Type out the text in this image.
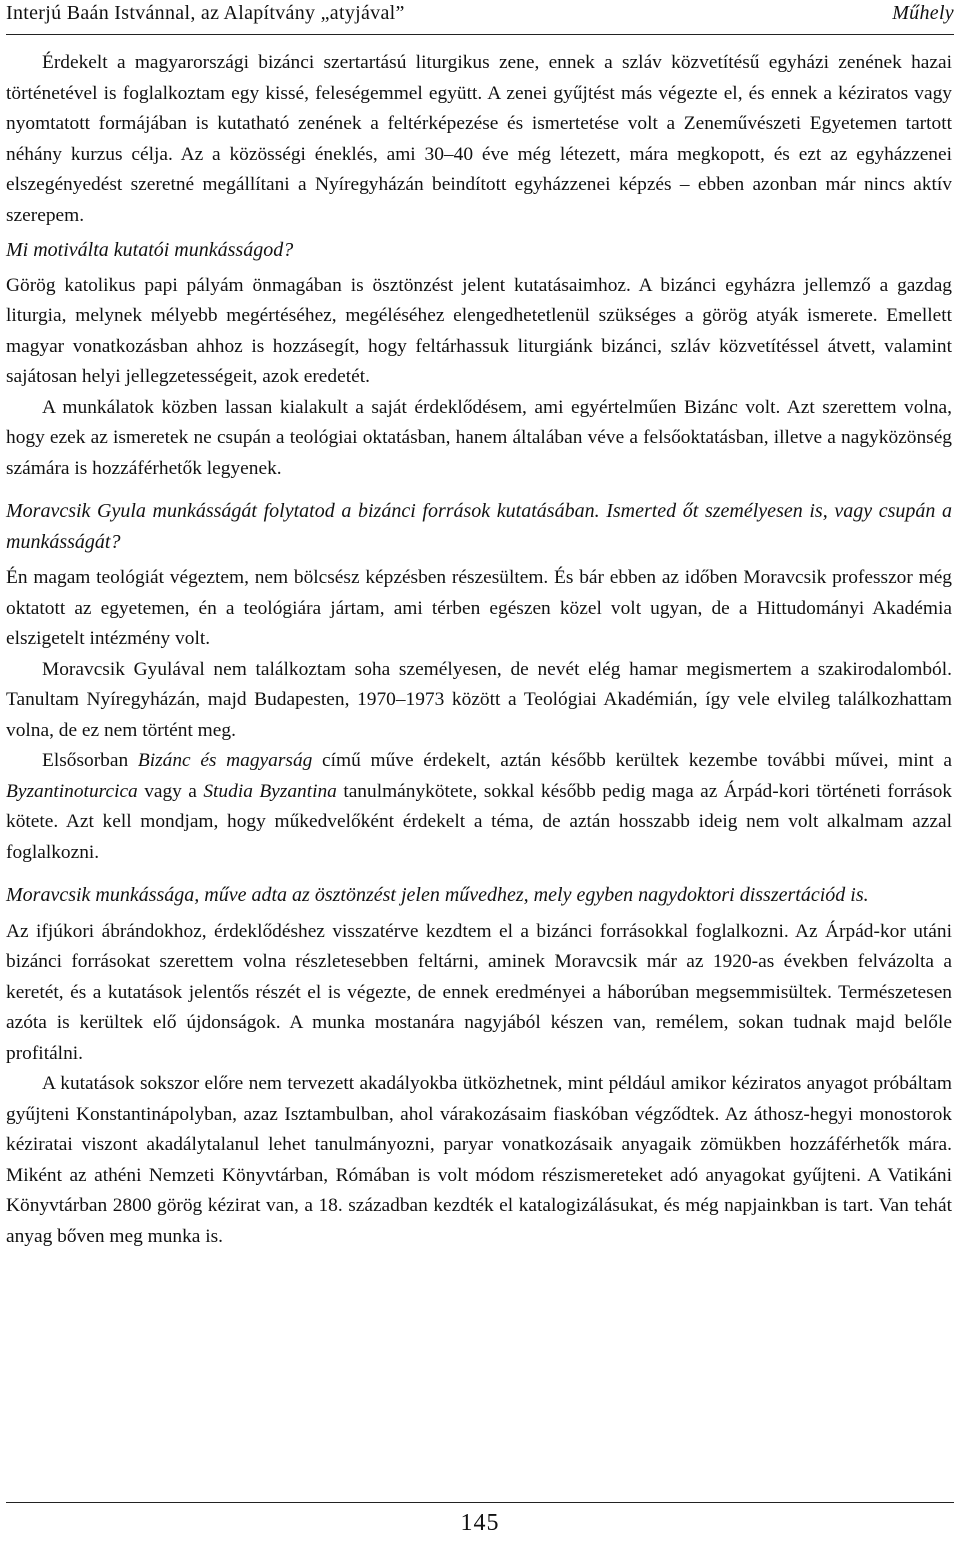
Interjú Baán Istvánnal, az Alapítvány „atyjával”	Műhely

Érdekelt a magyarországi bizánci szertartású liturgikus zene, ennek a szláv közvetítésű egyházi zenének hazai történetével is foglalkoztam egy kissé, feleségemmel együtt. A zenei gyűjtést más végezte el, és ennek a kéziratos vagy nyomtatott formájában is kutatható zenének a feltérképezése és ismertetése volt a Zeneművészeti Egyetemen tartott néhány kurzus célja. Az a közösségi éneklés, ami 30–40 éve még létezett, mára megkopott, és ezt az egyházzenei elszegényedést szeretné megállítani a Nyíregyházán beindított egyházzenei képzés – ebben azonban már nincs aktív szerepem.

Mi motiválta kutatói munkásságod?

Görög katolikus papi pályám önmagában is ösztönzést jelent kutatásaimhoz. A bizánci egyházra jellemző a gazdag liturgia, melynek mélyebb megértéséhez, megéléséhez elengedhetetlenül szükséges a görög atyák ismerete. Emellett magyar vonatkozásban ahhoz is hozzásegít, hogy feltárhassuk liturgiánk bizánci, szláv közvetítéssel átvett, valamint sajátosan helyi jellegzetességeit, azok eredetét.

A munkálatok közben lassan kialakult a saját érdeklődésem, ami egyértelműen Bizánc volt. Azt szerettem volna, hogy ezek az ismeretek ne csupán a teológiai oktatásban, hanem általában véve a felsőoktatásban, illetve a nagyközönség számára is hozzáférhetők legyenek.

Moravcsik Gyula munkásságát folytatod a bizánci források kutatásában. Ismerted őt személyesen is, vagy csupán a munkásságát?

Én magam teológiát végeztem, nem bölcsész képzésben részesültem. És bár ebben az időben Moravcsik professzor még oktatott az egyetemen, én a teológiára jártam, ami térben egészen közel volt ugyan, de a Hittudományi Akadémia elszigetelt intézmény volt.

Moravcsik Gyulával nem találkoztam soha személyesen, de nevét elég hamar megismertem a szakirodalomból. Tanultam Nyíregyházán, majd Budapesten, 1970–1973 között a Teológiai Akadémián, így vele elvileg találkozhattam volna, de ez nem történt meg.

Elsősorban Bizánc és magyarság című műve érdekelt, aztán később kerültek kezembe további művei, mint a Byzantinoturcica vagy a Studia Byzantina tanulmánykötete, sokkal később pedig maga az Árpád-kori történeti források kötete. Azt kell mondjam, hogy műkedvelőként érdekelt a téma, de aztán hosszabb ideig nem volt alkalmam azzal foglalkozni.

Moravcsik munkássága, műve adta az ösztönzést jelen művedhez, mely egyben nagydoktori disszertációd is.

Az ifjúkori ábrándokhoz, érdeklődéshez visszatérve kezdtem el a bizánci forrásokkal foglalkozni. Az Árpád-kor utáni bizánci forrásokat szerettem volna részletesebben feltárni, aminek Moravcsik már az 1920-as években felvázolta a keretét, és a kutatások jelentős részét el is végezte, de ennek eredményei a háborúban megsemmisültek. Természetesen azóta is kerültek elő újdonságok. A munka mostanára nagyjából készen van, remélem, sokan tudnak majd belőle profitálni.

A kutatások sokszor előre nem tervezett akadályokba ütközhetnek, mint például amikor kéziratos anyagot próbáltam gyűjteni Konstantinápolyban, azaz Isztambulban, ahol várakozásaim fiaskóban végződtek. Az áthosz-hegyi monostorok kéziratai viszont akadálytalanul lehet tanulmányozni, paryar vonatkozásaik anyagaik zömükben hozzáférhetők mára. Miként az athéni Nemzeti Könyvtárban, Rómában is volt módom részismereteket adó anyagokat gyűjteni. A Vatikáni Könyvtárban 2800 görög kézirat van, a 18. században kezdték el katalogizálásukat, és még napjainkban is tart. Van tehát anyag bőven meg munka is.

145
